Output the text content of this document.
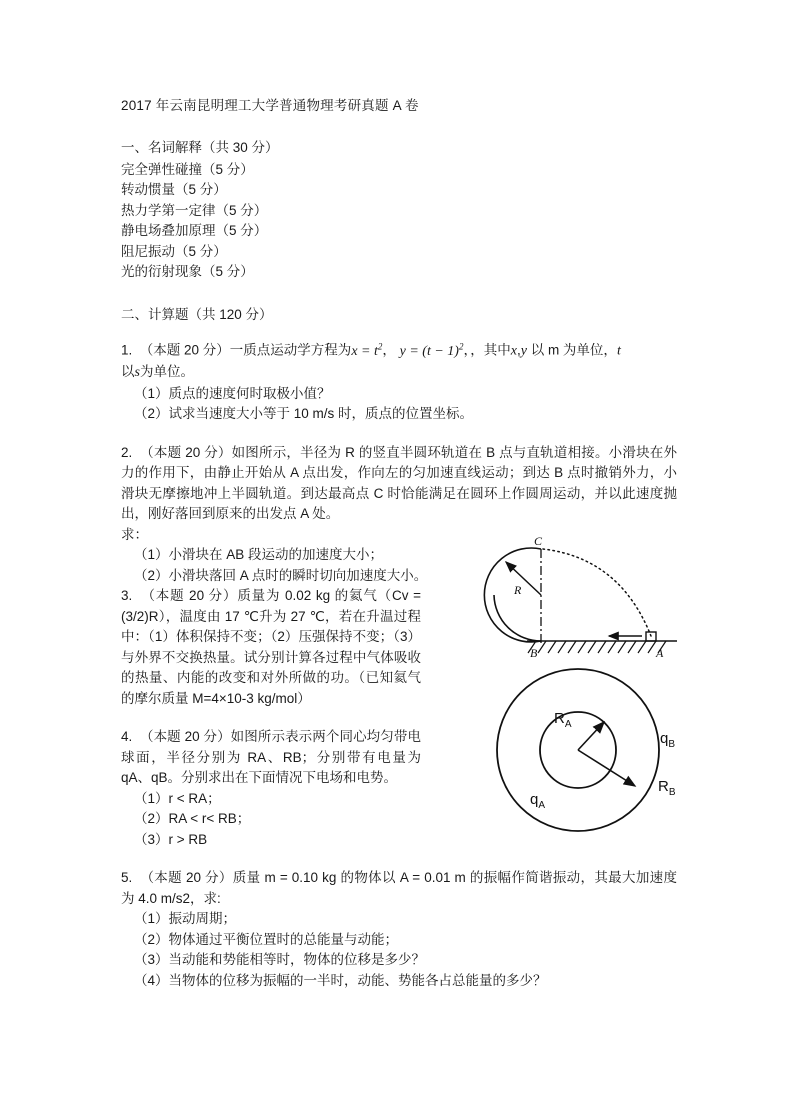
2017 年云南昆明理工大学普通物理考研真题 A 卷

一、名词解释（共 30 分）

完全弹性碰撞（5 分）

转动惯量（5 分）

热力学第一定律（5 分）

静电场叠加原理（5 分）

阻尼振动（5 分）

光的衍射现象（5 分）

二、计算题（共 120 分）

1. （本题 20 分）一质点运动学方程为$x = t^2$， $y = (t - 1)^2$，，其中x,y 以 m 为单位，t

以s为单位。

（1）质点的速度何时取极小值？

（2）试求当速度大小等于 10 m/s 时，质点的位置坐标。

2. （本题 20 分）如图所示，半径为 R 的竖直半圆环轨道在 B 点与直轨道相接。小滑块在外力的作用下，由静止开始从 A 点出发，作向左的匀加速直线运动；到达 B 点时撤销外力，小滑块无摩擦地冲上半圆轨道。到达最高点 C 时恰能满足在圆环上作圆周运动，并以此速度抛出，刚好落回到原来的出发点 A 处。

求：

（1）小滑块在 AB 段运动的加速度大小；

（2）小滑块落回 A 点时的瞬时切向加速度大小。

3. （本题 20 分）质量为 0.02 kg 的氦气（Cv =(3/2)R），温度由 17 ℃升为 27 ℃，若在升温过程中：（1）体积保持不变；（2）压强保持不变；（3）与外界不交换热量。试分别计算各过程中气体吸收的热量、内能的改变和对外所做的功。（已知氦气的摩尔质量 M=4×10-3 kg/mol）

4. （本题 20 分）如图所示表示两个同心均匀带电球面，半径分别为 RA、RB；分别带有电量为 qA、qB。分别求出在下面情况下电场和电势。

（1）r < RA；

（2）RA < r< RB；

（3）r > RB

5. （本题 20 分）质量 m = 0.10 kg 的物体以 A = 0.01 m 的振幅作简谐振动，其最大加速度为 4.0 m/s2，求:

（1）振动周期；

（2）物体通过平衡位置时的总能量与动能；

（3）当动能和势能相等时，物体的位移是多少？

（4）当物体的位移为振幅的一半时，动能、势能各占总能量的多少？

R
C
B	A
$R_A$
$R_B$
$q_A$
$q_B$
